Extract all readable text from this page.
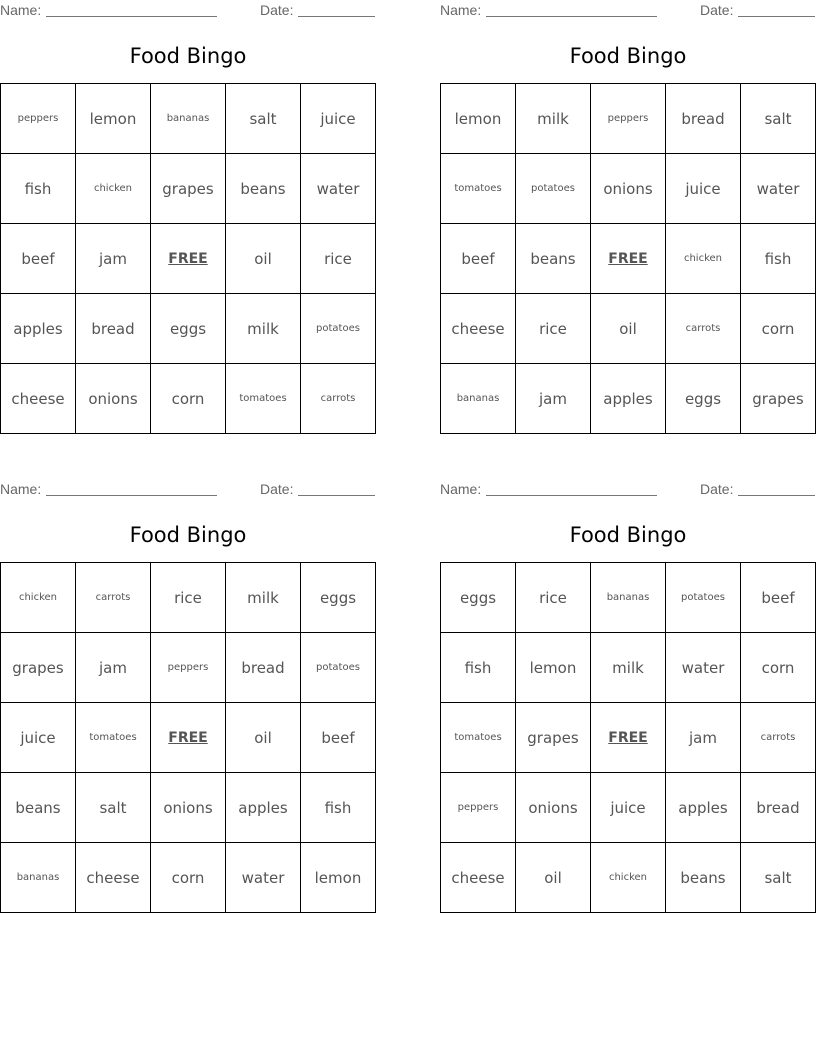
Name:	Date:
Food Bingo
peppers	lemon	bananas	salt	juice
fish	chicken	grapes	beans	water
beef	jam	FREE	oil	rice
apples	bread	eggs	milk	potatoes
cheese	onions	corn	tomatoes	carrots
Name:	Date:
Food Bingo
lemon	milk	peppers	bread	salt
tomatoes	potatoes	onions	juice	water
beef	beans	FREE	chicken	fish
cheese	rice	oil	carrots	corn
bananas	jam	apples	eggs	grapes
Name:	Date:
Food Bingo
chicken	carrots	rice	milk	eggs
grapes	jam	peppers	bread	potatoes
juice	tomatoes	FREE	oil	beef
beans	salt	onions	apples	fish
bananas	cheese	corn	water	lemon
Name:	Date:
Food Bingo
eggs	rice	bananas	potatoes	beef
fish	lemon	milk	water	corn
tomatoes	grapes	FREE	jam	carrots
peppers	onions	juice	apples	bread
cheese	oil	chicken	beans	salt
